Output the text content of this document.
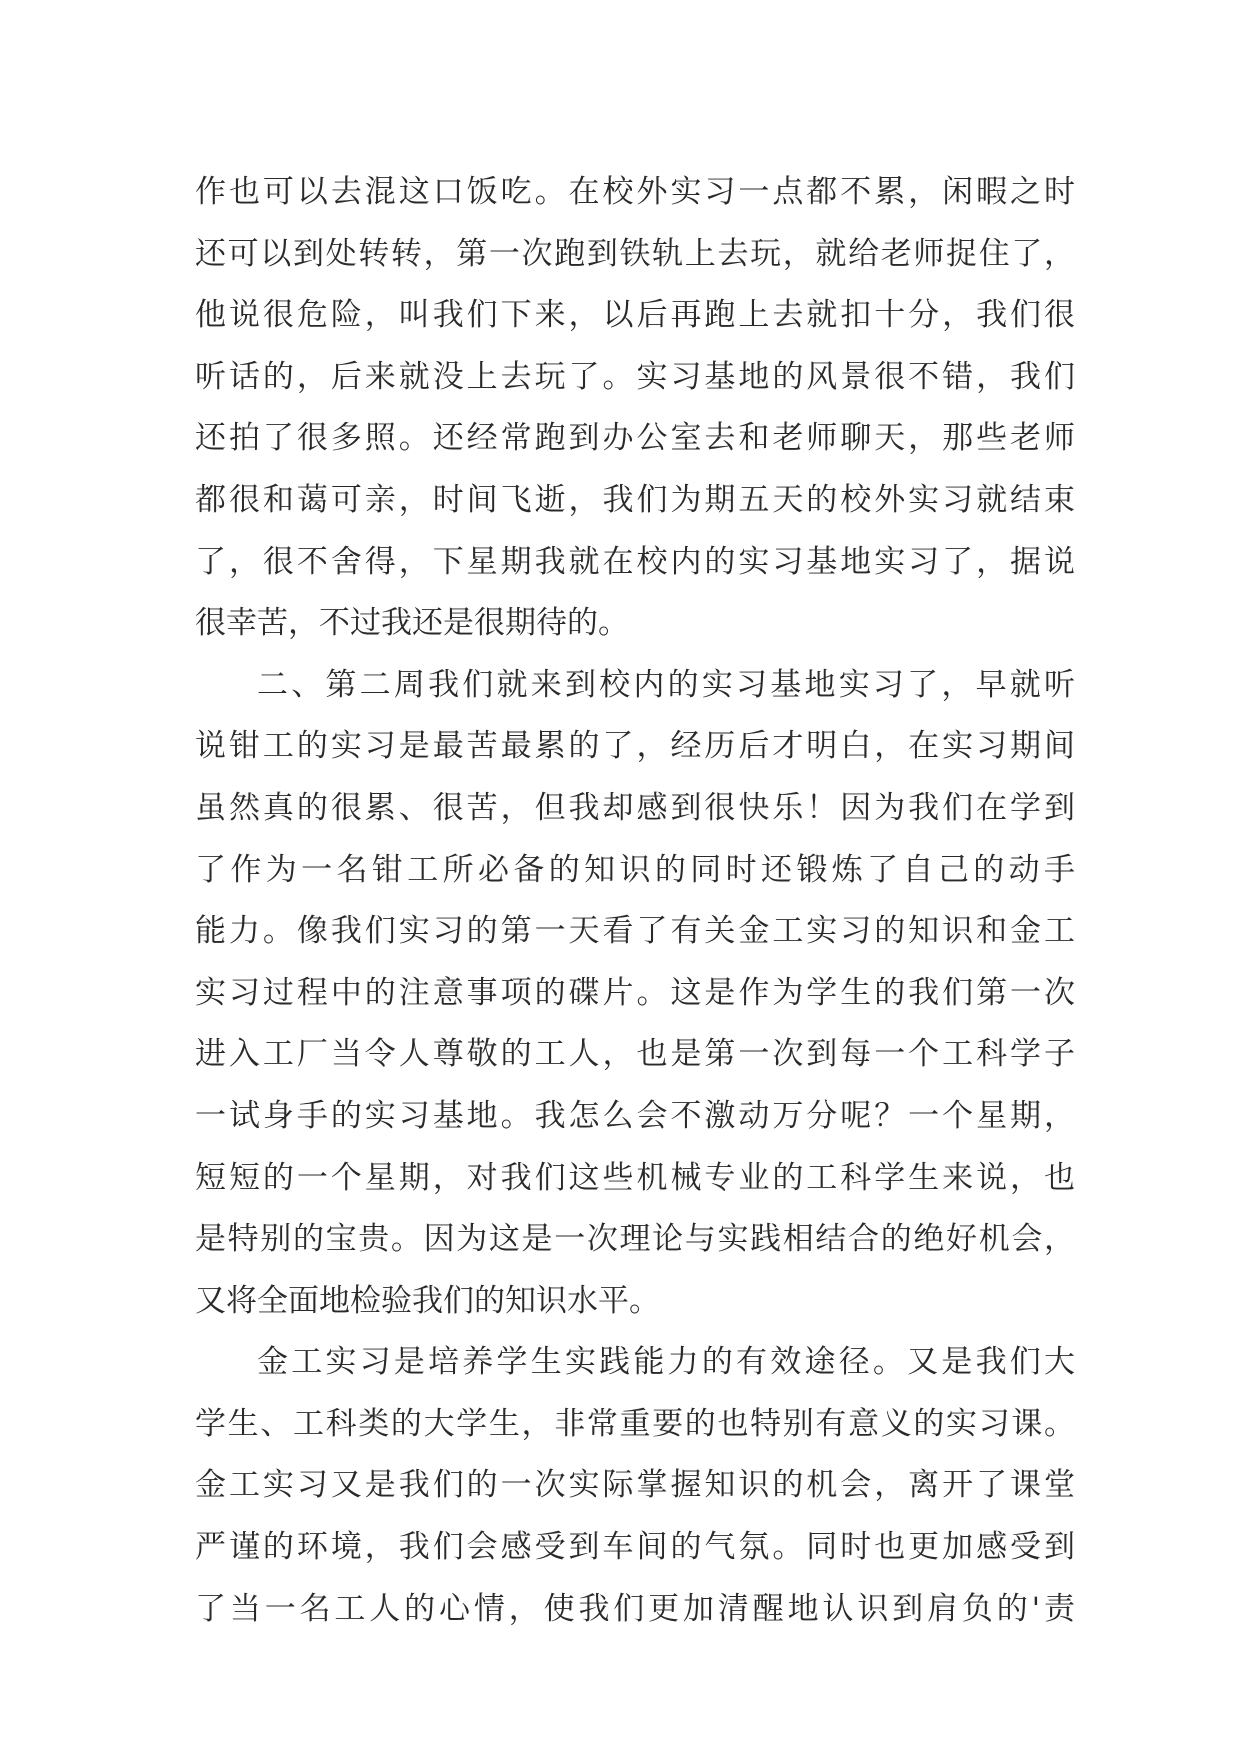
作也可以去混这口饭吃。在校外实习一点都不累，闲暇之时
还可以到处转转，第一次跑到铁轨上去玩，就给老师捉住了，
他说很危险，叫我们下来，以后再跑上去就扣十分，我们很
听话的，后来就没上去玩了。实习基地的风景很不错，我们
还拍了很多照。还经常跑到办公室去和老师聊天，那些老师
都很和蔼可亲，时间飞逝，我们为期五天的校外实习就结束
了，很不舍得，下星期我就在校内的实习基地实习了，据说
很幸苦，不过我还是很期待的。
二、第二周我们就来到校内的实习基地实习了，早就听
说钳工的实习是最苦最累的了，经历后才明白，在实习期间
虽然真的很累、很苦，但我却感到很快乐！因为我们在学到
了作为一名钳工所必备的知识的同时还锻炼了自己的动手
能力。像我们实习的第一天看了有关金工实习的知识和金工
实习过程中的注意事项的碟片。这是作为学生的我们第一次
进入工厂当令人尊敬的工人，也是第一次到每一个工科学子
一试身手的实习基地。我怎么会不激动万分呢？一个星期，
短短的一个星期，对我们这些机械专业的工科学生来说，也
是特别的宝贵。因为这是一次理论与实践相结合的绝好机会，
又将全面地检验我们的知识水平。
金工实习是培养学生实践能力的有效途径。又是我们大
学生、工科类的大学生，非常重要的也特别有意义的实习课。
金工实习又是我们的一次实际掌握知识的机会，离开了课堂
严谨的环境，我们会感受到车间的气氛。同时也更加感受到
了当一名工人的心情，使我们更加清醒地认识到肩负的'责
